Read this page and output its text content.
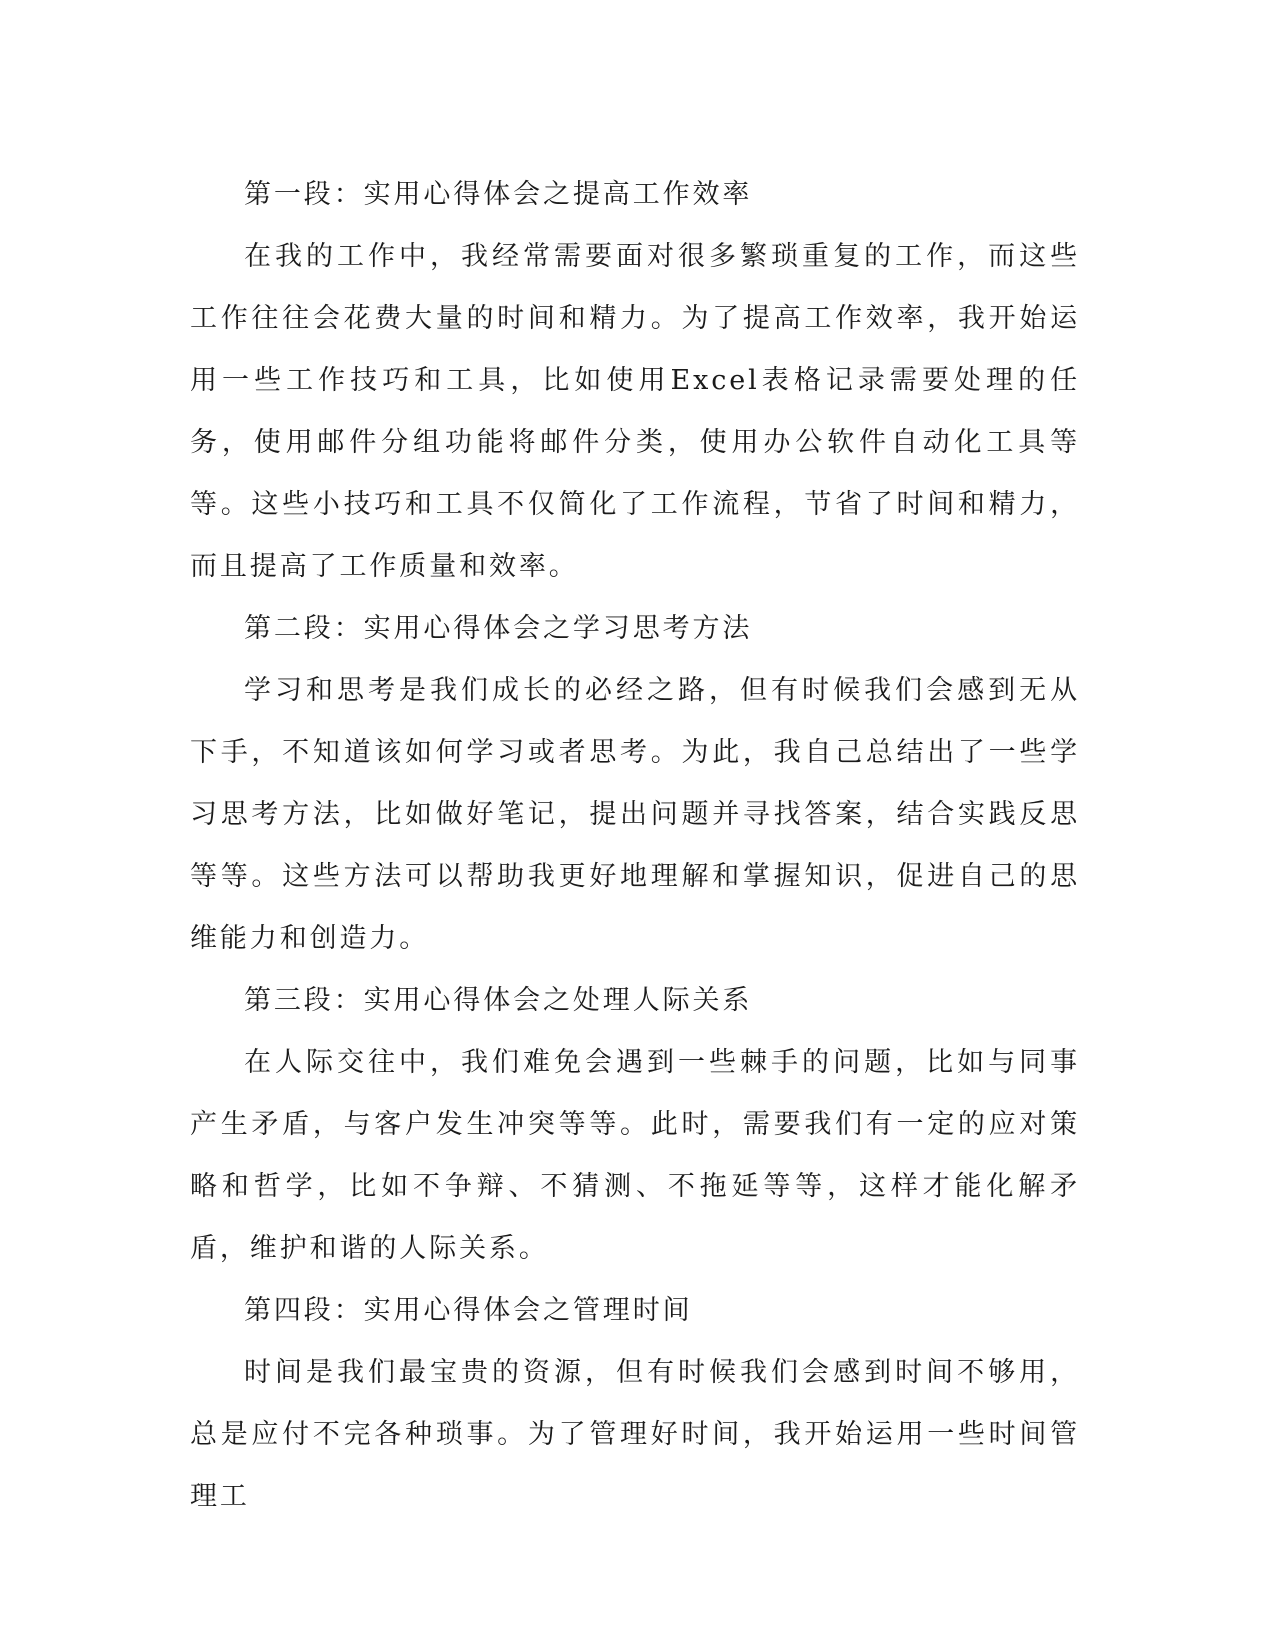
第一段：实用心得体会之提高工作效率

在我的工作中，我经常需要面对很多繁琐重复的工作，而这些工作往往会花费大量的时间和精力。为了提高工作效率，我开始运用一些工作技巧和工具，比如使用Excel表格记录需要处理的任务，使用邮件分组功能将邮件分类，使用办公软件自动化工具等等。这些小技巧和工具不仅简化了工作流程，节省了时间和精力，而且提高了工作质量和效率。

第二段：实用心得体会之学习思考方法

学习和思考是我们成长的必经之路，但有时候我们会感到无从下手，不知道该如何学习或者思考。为此，我自己总结出了一些学习思考方法，比如做好笔记，提出问题并寻找答案，结合实践反思等等。这些方法可以帮助我更好地理解和掌握知识，促进自己的思维能力和创造力。

第三段：实用心得体会之处理人际关系

在人际交往中，我们难免会遇到一些棘手的问题，比如与同事产生矛盾，与客户发生冲突等等。此时，需要我们有一定的应对策略和哲学，比如不争辩、不猜测、不拖延等等，这样才能化解矛盾，维护和谐的人际关系。

第四段：实用心得体会之管理时间

时间是我们最宝贵的资源，但有时候我们会感到时间不够用，总是应付不完各种琐事。为了管理好时间，我开始运用一些时间管理工
